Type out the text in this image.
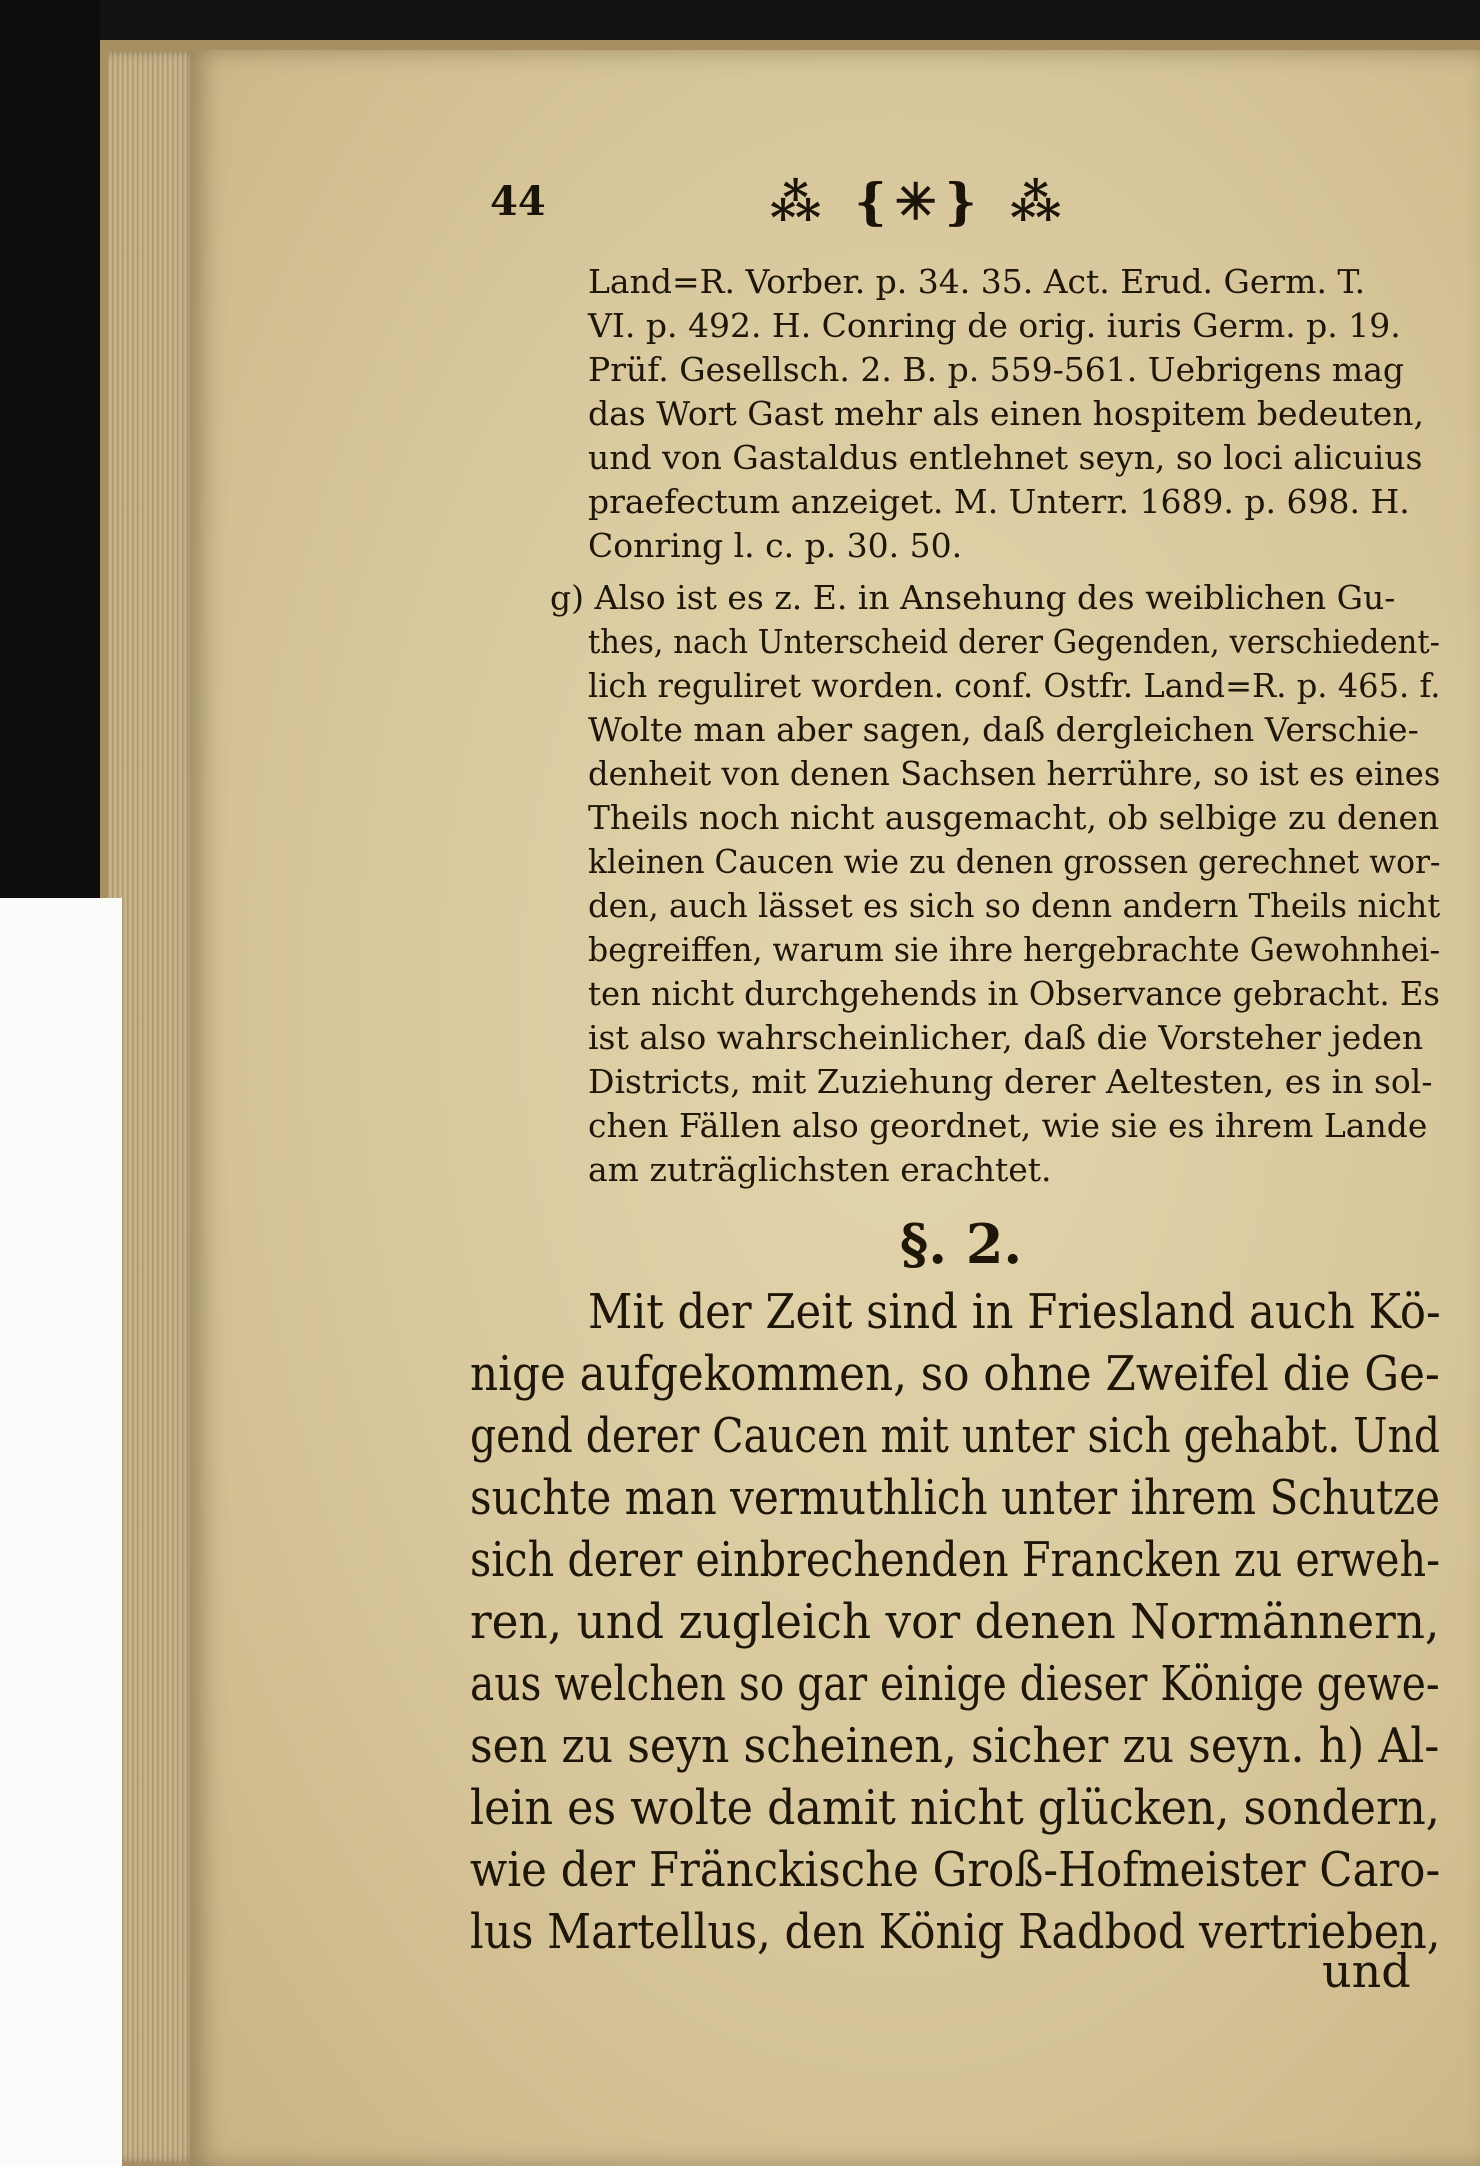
44	⁂ {✳} ⁂
Land=R. Vorber. p. 34. 35. Act. Erud. Germ. T.
VI. p. 492. H. Conring de orig. iuris Germ. p. 19.
Prüf. Gesellsch. 2. B. p. 559-561. Uebrigens mag
das Wort Gast mehr als einen hospitem bedeuten,
und von Gastaldus entlehnet seyn, so loci alicuius
praefectum anzeiget. M. Unterr. 1689. p. 698. H.
Conring l. c. p. 30. 50.
g) Also ist es z. E. in Ansehung des weiblichen Gu-
thes, nach Unterscheid derer Gegenden, verschiedent-
lich reguliret worden. conf. Ostfr. Land=R. p. 465. f.
Wolte man aber sagen, daß dergleichen Verschie-
denheit von denen Sachsen herrühre, so ist es eines
Theils noch nicht ausgemacht, ob selbige zu denen
kleinen Caucen wie zu denen grossen gerechnet wor-
den, auch lässet es sich so denn andern Theils nicht
begreiffen, warum sie ihre hergebrachte Gewohnhei-
ten nicht durchgehends in Observance gebracht. Es
ist also wahrscheinlicher, daß die Vorsteher jeden
Districts, mit Zuziehung derer Aeltesten, es in sol-
chen Fällen also geordnet, wie sie es ihrem Lande
am zuträglichsten erachtet.
§. 2.
Mit der Zeit sind in Friesland auch Kö-
nige aufgekommen, so ohne Zweifel die Ge-
gend derer Caucen mit unter sich gehabt. Und
suchte man vermuthlich unter ihrem Schutze
sich derer einbrechenden Francken zu erweh-
ren, und zugleich vor denen Normännern,
aus welchen so gar einige dieser Könige gewe-
sen zu seyn scheinen, sicher zu seyn. h) Al-
lein es wolte damit nicht glücken, sondern,
wie der Fränckische Groß-Hofmeister Caro-
lus Martellus, den König Radbod vertrieben,
und
